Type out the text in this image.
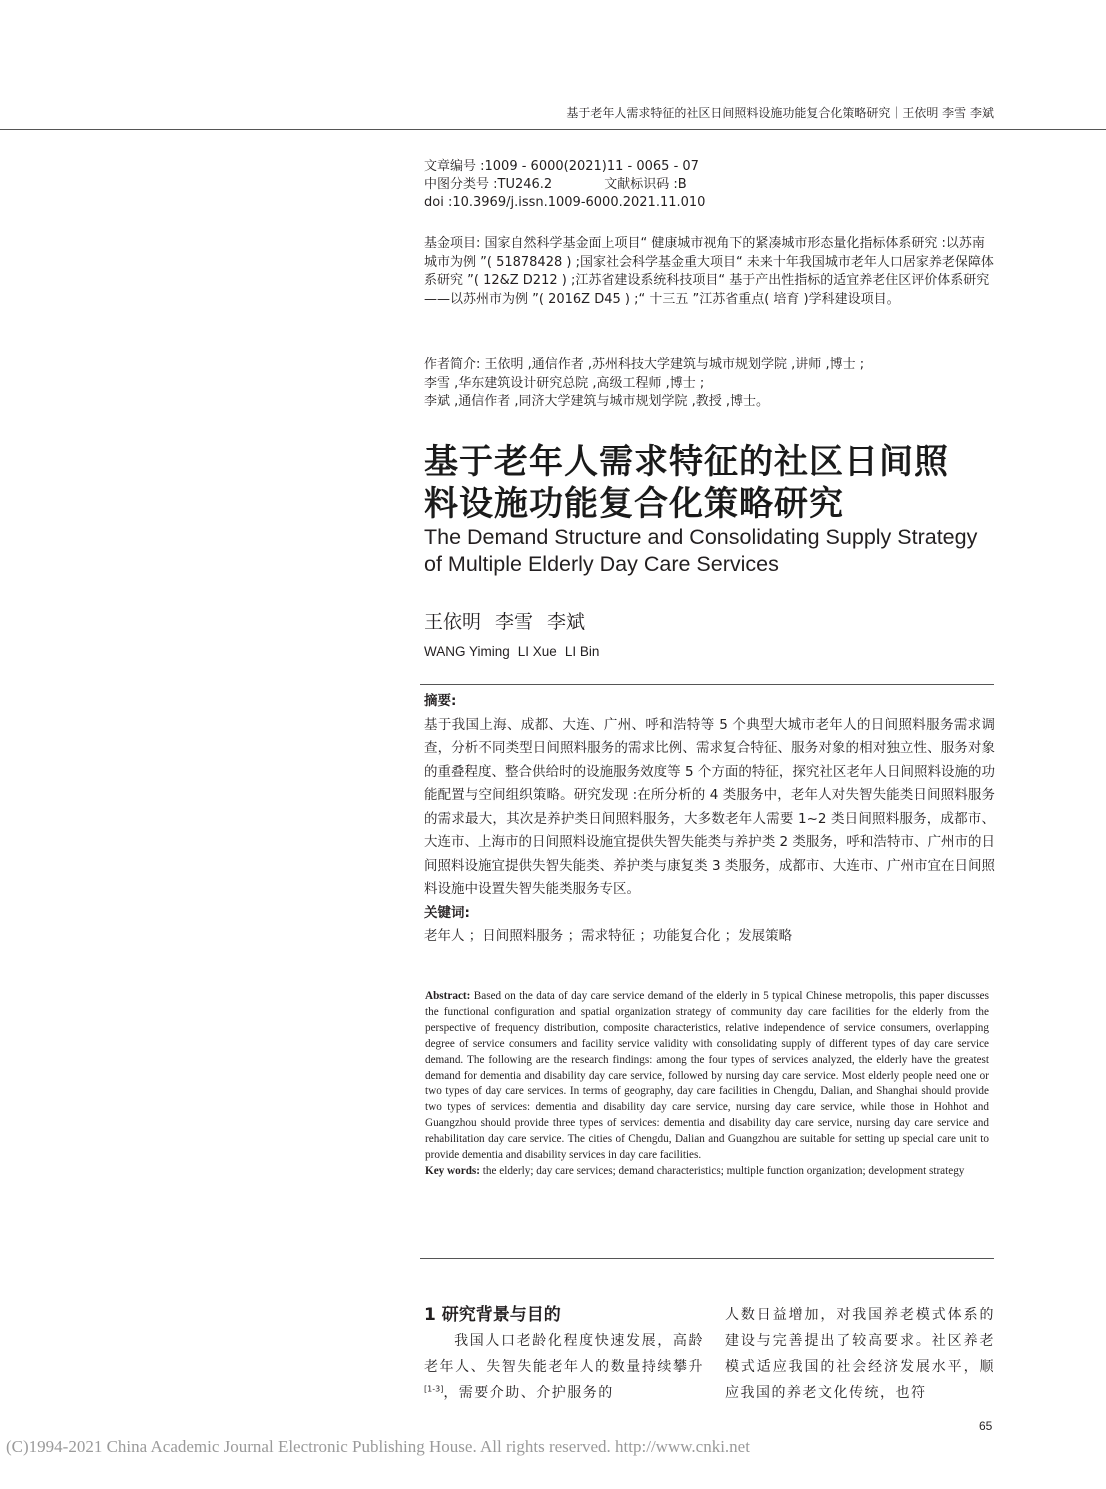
基于老年人需求特征的社区日间照料设施功能复合化策略研究｜王依明 李雪 李斌
文章编号 :1009 - 6000(2021)11 - 0065 - 07
中图分类号 :TU246.2	文献标识码 :B
doi :10.3969/j.issn.1009-6000.2021.11.010
基金项目: 国家自然科学基金面上项目“ 健康城市视角下的紧凑城市形态量化指标体系研究 :以苏南城市为例 ”( 51878428 ) ;国家社会科学基金重大项目“ 未来十年我国城市老年人口居家养老保障体系研究 ”( 12&Z D212 ) ;江苏省建设系统科技项目“ 基于产出性指标的适宜养老住区评价体系研究——以苏州市为例 ”( 2016Z D45 ) ;“ 十三五 ”江苏省重点( 培育 )学科建设项目。
作者简介: 王依明 ,通信作者 ,苏州科技大学建筑与城市规划学院 ,讲师 ,博士 ;
李雪 ,华东建筑设计研究总院 ,高级工程师 ,博士 ;
李斌 ,通信作者 ,同济大学建筑与城市规划学院 ,教授 ,博士。
基于老年人需求特征的社区日间照
料设施功能复合化策略研究
The Demand Structure and Consolidating Supply Strategy
of Multiple Elderly Day Care Services
王依明 李雪 李斌
WANG Yiming LI Xue LI Bin
摘要:

基于我国上海、成都、大连、广州、呼和浩特等 5 个典型大城市老年人的日间照料服务需求调查，分析不同类型日间照料服务的需求比例、需求复合特征、服务对象的相对独立性、服务对象的重叠程度、整合供给时的设施服务效度等 5 个方面的特征，探究社区老年人日间照料设施的功能配置与空间组织策略。研究发现 :在所分析的 4 类服务中，老年人对失智失能类日间照料服务的需求最大，其次是养护类日间照料服务，大多数老年人需要 1~2 类日间照料服务，成都市、大连市、上海市的日间照料设施宜提供失智失能类与养护类 2 类服务，呼和浩特市、广州市的日间照料设施宜提供失智失能类、养护类与康复类 3 类服务，成都市、大连市、广州市宜在日间照料设施中设置失智失能类服务专区。

关键词:
老年人 ；日间照料服务 ；需求特征 ；功能复合化 ；发展策略

Abstract: Based on the data of day care service demand of the elderly in 5 typical Chinese metropolis, this paper discusses the functional configuration and spatial organization strategy of community day care facilities for the elderly from the perspective of frequency distribution, composite characteristics, relative independence of service consumers, overlapping degree of service consumers and facility service validity with consolidating supply of different types of day care service demand. The following are the research findings: among the four types of services analyzed, the elderly have the greatest demand for dementia and disability day care service, followed by nursing day care service. Most elderly people need one or two types of day care services. In terms of geography, day care facilities in Chengdu, Dalian, and Shanghai should provide two types of services: dementia and disability day care service, nursing day care service, while those in Hohhot and Guangzhou should provide three types of services: dementia and disability day care service, nursing day care service and rehabilitation day care service. The cities of Chengdu, Dalian and Guangzhou are suitable for setting up special care unit to provide dementia and disability services in day care facilities.

Key words: the elderly; day care services; demand characteristics; multiple function organization; development strategy

1 研究背景与目的
我国人口老龄化程度快速发展，高龄老年人、失智失能老年人的数量持续攀升[1-3]，需要介助、介护服务的
人数日益增加，对我国养老模式体系的建设与完善提出了较高要求。社区养老模式适应我国的社会经济发展水平，顺应我国的养老文化传统，也符
65
(C)1994-2021 China Academic Journal Electronic Publishing House. All rights reserved. http://www.cnki.net
